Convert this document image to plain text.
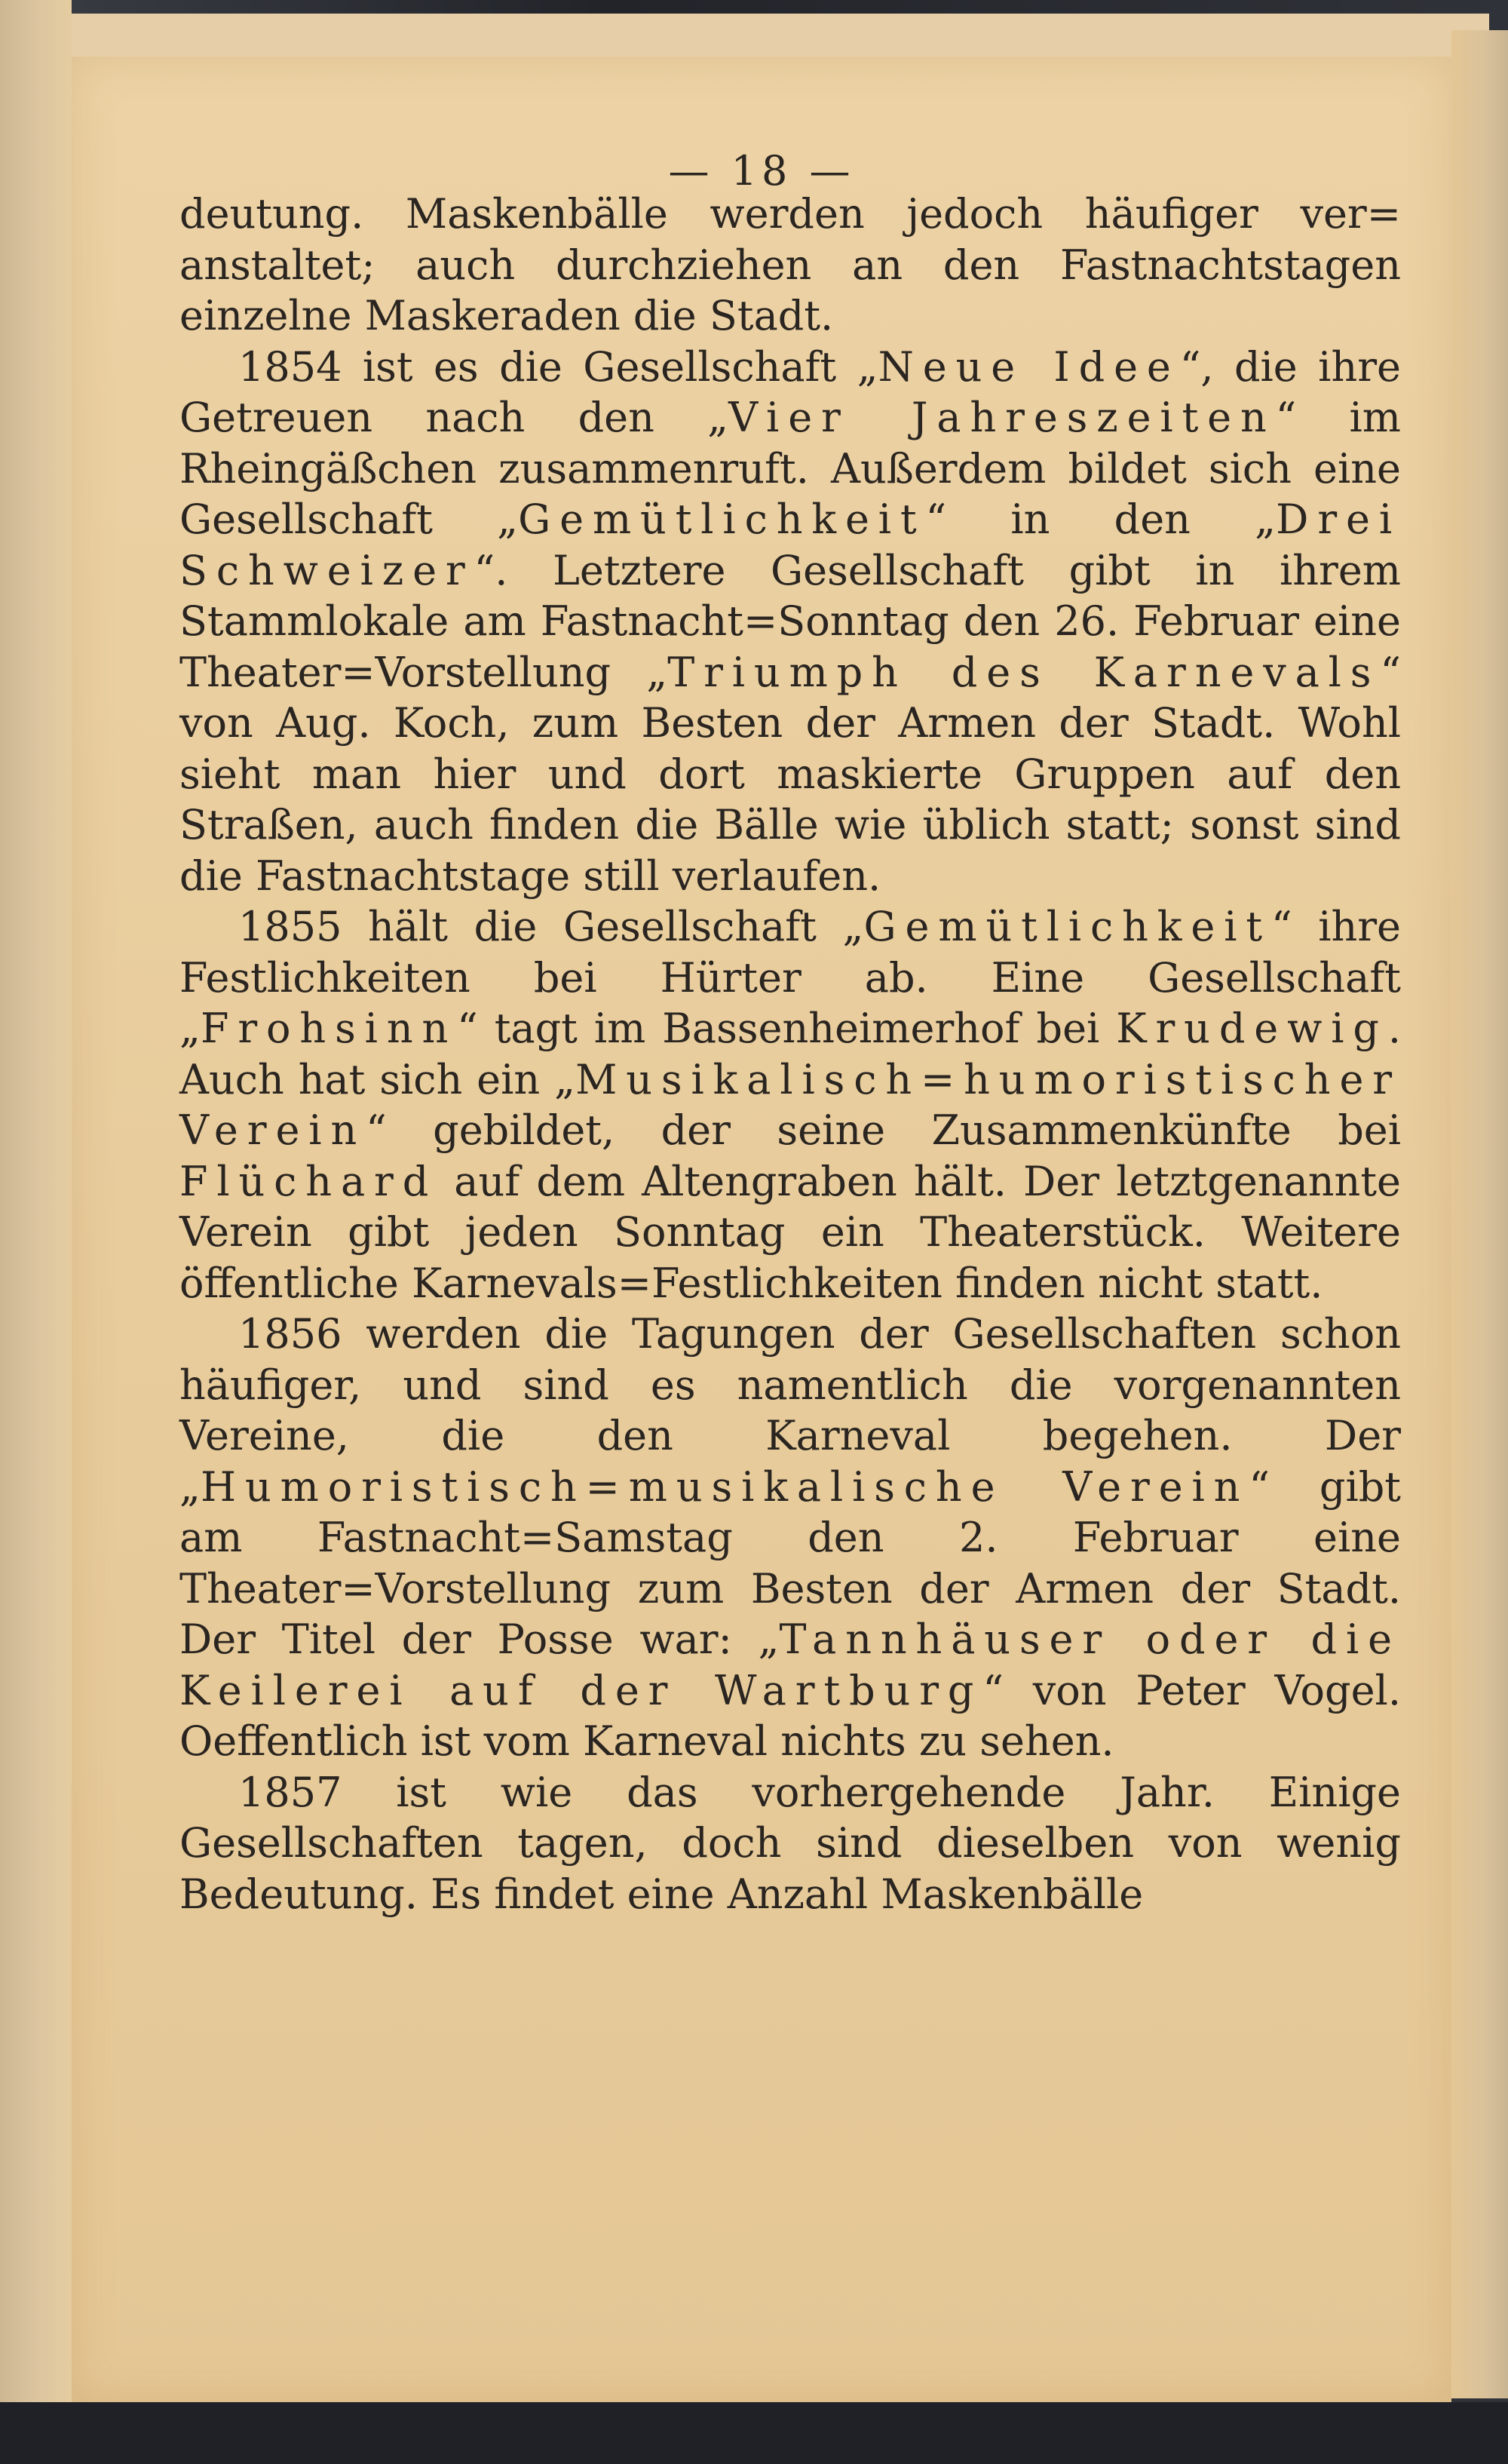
— 18 —

deutung. Maskenbälle werden jedoch häufiger ver= anstaltet; auch durchziehen an den Fastnachtstagen einzelne Maskeraden die Stadt.

1854 ist es die Gesellschaft „Neue Idee“, die ihre Getreuen nach den „Vier Jahreszeiten“ im Rheingäßchen zusammenruft. Außerdem bildet sich eine Gesellschaft „Gemütlichkeit“ in den „Drei Schweizer“. Letztere Gesellschaft gibt in ihrem Stammlokale am Fastnacht=Sonntag den 26. Februar eine Theater=Vorstellung „Triumph des Karnevals“ von Aug. Koch, zum Besten der Armen der Stadt. Wohl sieht man hier und dort maskierte Gruppen auf den Straßen, auch finden die Bälle wie üblich statt; sonst sind die Fastnachtstage still verlaufen.

1855 hält die Gesellschaft „Gemütlichkeit“ ihre Festlichkeiten bei Hürter ab. Eine Gesellschaft „Frohsinn“ tagt im Bassenheimerhof bei Krudewig. Auch hat sich ein „Musikalisch=humoristischer Verein“ gebildet, der seine Zusammenkünfte bei Flüchard auf dem Altengraben hält. Der letztgenannte Verein gibt jeden Sonntag ein Theaterstück. Weitere öffentliche Karnevals=Festlichkeiten finden nicht statt.

1856 werden die Tagungen der Gesellschaften schon häufiger, und sind es namentlich die vorgenannten Vereine, die den Karneval begehen. Der „Humoristisch=musikalische Verein“ gibt am Fastnacht=Samstag den 2. Februar eine Theater=Vorstellung zum Besten der Armen der Stadt. Der Titel der Posse war: „Tannhäuser oder die Keilerei auf der Wartburg“ von Peter Vogel. Oeffentlich ist vom Karneval nichts zu sehen.

1857 ist wie das vorhergehende Jahr. Einige Gesellschaften tagen, doch sind dieselben von wenig Bedeutung. Es findet eine Anzahl Maskenbälle
